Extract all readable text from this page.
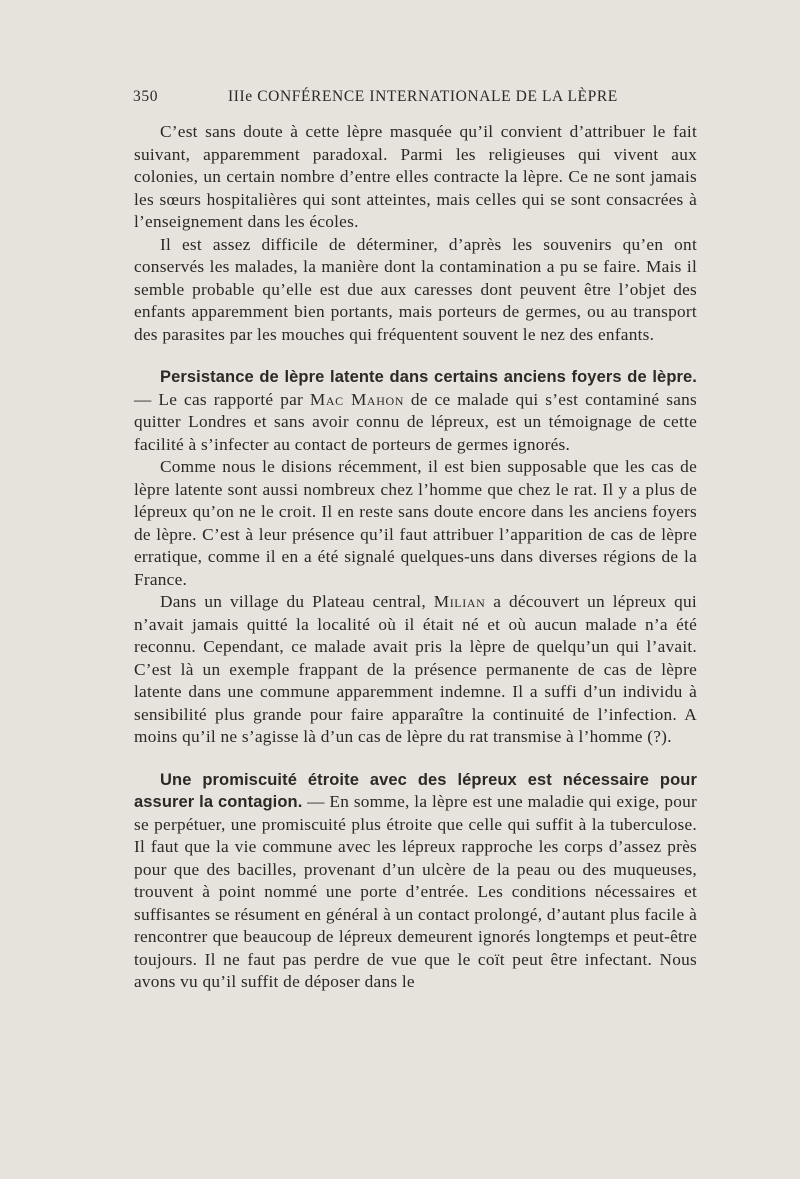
350	IIIe CONFÉRENCE INTERNATIONALE DE LA LÈPRE

C’est sans doute à cette lèpre masquée qu’il convient d’attribuer le fait suivant, apparemment paradoxal. Parmi les religieuses qui vivent aux colonies, un certain nombre d’entre elles contracte la lèpre. Ce ne sont jamais les sœurs hospitalières qui sont atteintes, mais celles qui se sont consacrées à l’enseignement dans les écoles.

Il est assez difficile de déterminer, d’après les souvenirs qu’en ont conservés les malades, la manière dont la contamination a pu se faire. Mais il semble probable qu’elle est due aux caresses dont peuvent être l’objet des enfants apparemment bien portants, mais porteurs de germes, ou au transport des parasites par les mouches qui fréquentent souvent le nez des enfants.

Persistance de lèpre latente dans certains anciens foyers de lèpre. — Le cas rapporté par Mac Mahon de ce malade qui s’est contaminé sans quitter Londres et sans avoir connu de lépreux, est un témoignage de cette facilité à s’infecter au contact de porteurs de germes ignorés.

Comme nous le disions récemment, il est bien supposable que les cas de lèpre latente sont aussi nombreux chez l’homme que chez le rat. Il y a plus de lépreux qu’on ne le croit. Il en reste sans doute encore dans les anciens foyers de lèpre. C’est à leur présence qu’il faut attribuer l’apparition de cas de lèpre erratique, comme il en a été signalé quelques-uns dans diverses régions de la France.

Dans un village du Plateau central, Milian a découvert un lépreux qui n’avait jamais quitté la localité où il était né et où aucun malade n’a été reconnu. Cependant, ce malade avait pris la lèpre de quelqu’un qui l’avait. C’est là un exemple frappant de la présence permanente de cas de lèpre latente dans une commune apparemment indemne. Il a suffi d’un individu à sensibilité plus grande pour faire apparaître la continuité de l’infection. A moins qu’il ne s’agisse là d’un cas de lèpre du rat transmise à l’homme (?).

Une promiscuité étroite avec des lépreux est nécessaire pour assurer la contagion. — En somme, la lèpre est une maladie qui exige, pour se perpétuer, une promiscuité plus étroite que celle qui suffit à la tuberculose. Il faut que la vie commune avec les lépreux rapproche les corps d’assez près pour que des bacilles, provenant d’un ulcère de la peau ou des muqueuses, trouvent à point nommé une porte d’entrée. Les conditions nécessaires et suffisantes se résument en général à un contact prolongé, d’autant plus facile à rencontrer que beaucoup de lépreux demeurent ignorés longtemps et peut-être toujours. Il ne faut pas perdre de vue que le coït peut être infectant. Nous avons vu qu’il suffit de déposer dans le
